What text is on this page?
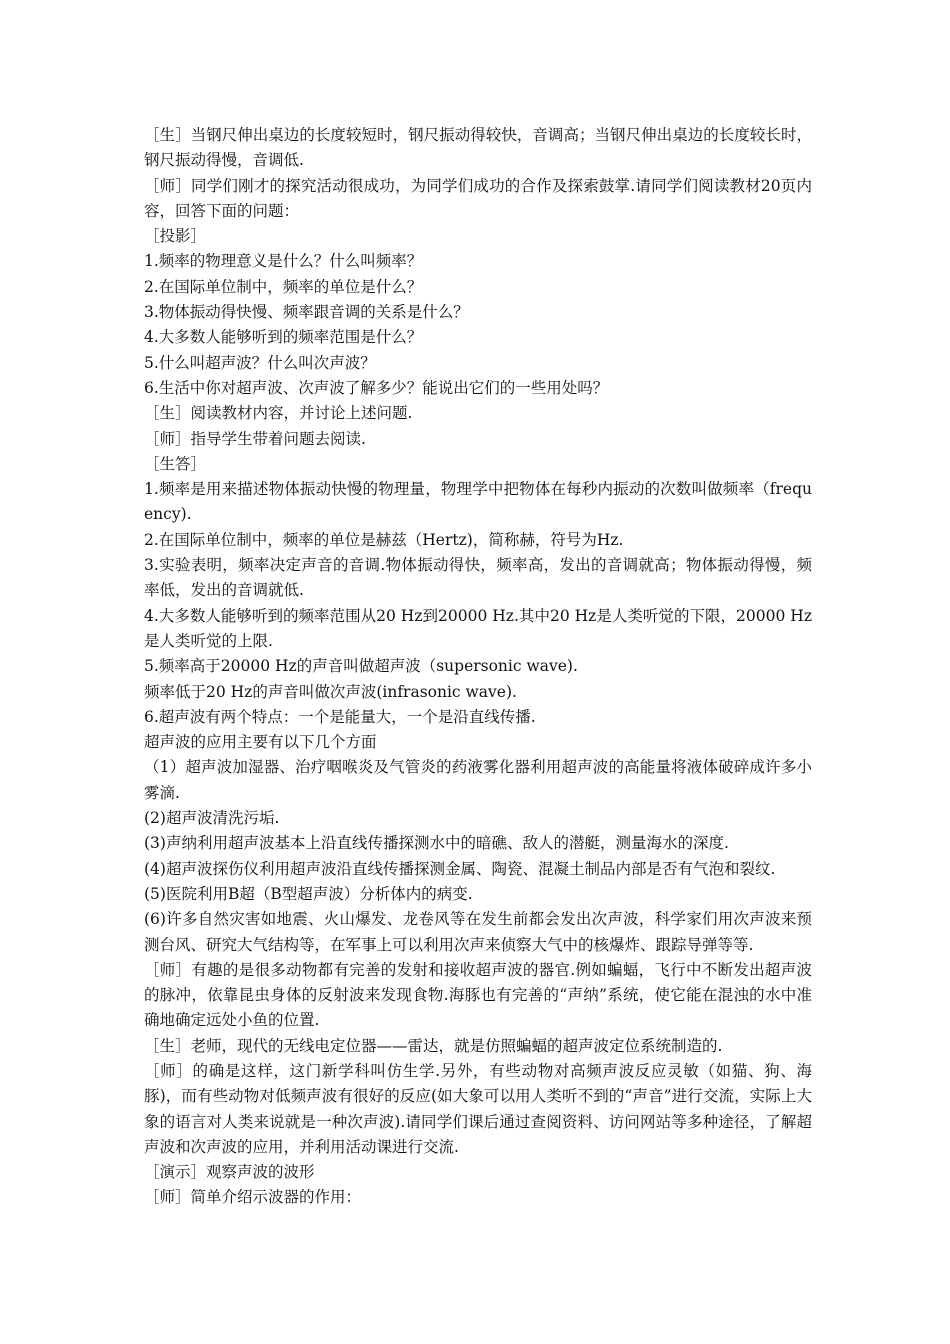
［生］当钢尺伸出桌边的长度较短时，钢尺振动得较快，音调高；当钢尺伸出桌边的长度较长时，钢尺振动得慢，音调低.

［师］同学们刚才的探究活动很成功，为同学们成功的合作及探索鼓掌.请同学们阅读教材20页内容，回答下面的问题：

［投影］

1.频率的物理意义是什么？什么叫频率？

2.在国际单位制中，频率的单位是什么？

3.物体振动得快慢、频率跟音调的关系是什么？

4.大多数人能够听到的频率范围是什么？

5.什么叫超声波？什么叫次声波？

6.生活中你对超声波、次声波了解多少？能说出它们的一些用处吗？

［生］阅读教材内容，并讨论上述问题.

［师］指导学生带着问题去阅读.

［生答］

1.频率是用来描述物体振动快慢的物理量，物理学中把物体在每秒内振动的次数叫做频率（frequency).

2.在国际单位制中，频率的单位是赫兹（Hertz)，简称赫，符号为Hz.

3.实验表明，频率决定声音的音调.物体振动得快，频率高，发出的音调就高；物体振动得慢，频率低，发出的音调就低.

4.大多数人能够听到的频率范围从20 Hz到20000 Hz.其中20 Hz是人类听觉的下限，20000 Hz是人类听觉的上限.

5.频率高于20000 Hz的声音叫做超声波（supersonic wave).

频率低于20 Hz的声音叫做次声波(infrasonic wave).

6.超声波有两个特点：一个是能量大，一个是沿直线传播.

超声波的应用主要有以下几个方面

（1）超声波加湿器、治疗咽喉炎及气管炎的药液雾化器利用超声波的高能量将液体破碎成许多小雾滴.

(2)超声波清洗污垢.

(3)声纳利用超声波基本上沿直线传播探测水中的暗礁、敌人的潜艇，测量海水的深度.

(4)超声波探伤仪利用超声波沿直线传播探测金属、陶瓷、混凝土制品内部是否有气泡和裂纹.

(5)医院利用B超（B型超声波）分析体内的病变.

(6)许多自然灾害如地震、火山爆发、龙卷风等在发生前都会发出次声波，科学家们用次声波来预测台风、研究大气结构等，在军事上可以利用次声来侦察大气中的核爆炸、跟踪导弹等等.

［师］有趣的是很多动物都有完善的发射和接收超声波的器官.例如蝙蝠，飞行中不断发出超声波的脉冲，依靠昆虫身体的反射波来发现食物.海豚也有完善的“声纳”系统，使它能在混浊的水中准确地确定远处小鱼的位置.

［生］老师，现代的无线电定位器——雷达，就是仿照蝙蝠的超声波定位系统制造的.

［师］的确是这样，这门新学科叫仿生学.另外，有些动物对高频声波反应灵敏（如猫、狗、海豚)，而有些动物对低频声波有很好的反应(如大象可以用人类听不到的“声音”进行交流，实际上大象的语言对人类来说就是一种次声波).请同学们课后通过查阅资料、访问网站等多种途径，了解超声波和次声波的应用，并利用活动课进行交流.

［演示］观察声波的波形

［师］简单介绍示波器的作用：
